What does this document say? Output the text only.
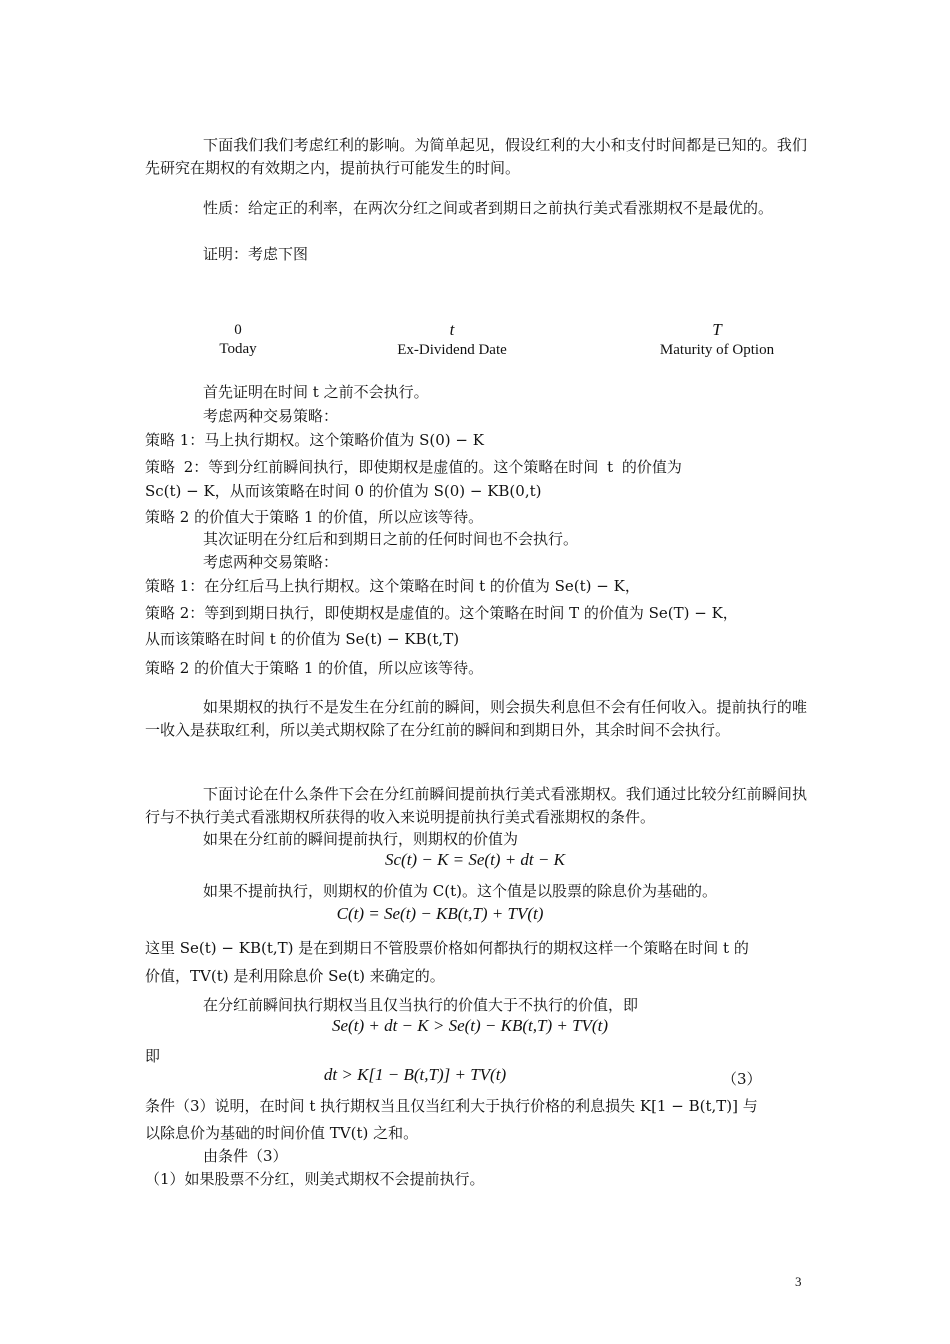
下面我们我们考虑红利的影响。为简单起见，假设红利的大小和支付时间都是已知的。我们先研究在期权的有效期之内，提前执行可能发生的时间。
性质：给定正的利率，在两次分红之间或者到期日之前执行美式看涨期权不是最优的。
证明：考虑下图
0
Today
t
Ex-Dividend Date
T
Maturity of Option
首先证明在时间 t 之前不会执行。
考虑两种交易策略：
策略 1：马上执行期权。这个策略价值为 S(0) − K
策略 2：等到分红前瞬间执行，即使期权是虚值的。这个策略在时间 t 的价值为
Sc(t) − K，从而该策略在时间 0 的价值为 S(0) − KB(0,t)
策略 2 的价值大于策略 1 的价值，所以应该等待。
其次证明在分红后和到期日之前的任何时间也不会执行。
考虑两种交易策略：
策略 1：在分红后马上执行期权。这个策略在时间 t 的价值为 Se(t) − K，
策略 2：等到到期日执行，即使期权是虚值的。这个策略在时间 T 的价值为 Se(T) − K，
从而该策略在时间 t 的价值为 Se(t) − KB(t,T)
策略 2 的价值大于策略 1 的价值，所以应该等待。
如果期权的执行不是发生在分红前的瞬间，则会损失利息但不会有任何收入。提前执行的唯一收入是获取红利，所以美式期权除了在分红前的瞬间和到期日外，其余时间不会执行。
下面讨论在什么条件下会在分红前瞬间提前执行美式看涨期权。我们通过比较分红前瞬间执行与不执行美式看涨期权所获得的收入来说明提前执行美式看涨期权的条件。
如果在分红前的瞬间提前执行，则期权的价值为
Sc(t) − K = Se(t) + dt − K
如果不提前执行，则期权的价值为 C(t)。这个值是以股票的除息价为基础的。
C(t) = Se(t) − KB(t,T) + TV(t)
这里 Se(t) − KB(t,T) 是在到期日不管股票价格如何都执行的期权这样一个策略在时间 t 的
价值，TV(t) 是利用除息价 Se(t) 来确定的。
在分红前瞬间执行期权当且仅当执行的价值大于不执行的价值，即
Se(t) + dt − K > Se(t) − KB(t,T) + TV(t)
即
dt > K[1 − B(t,T)] + TV(t)	（3）
条件（3）说明，在时间 t 执行期权当且仅当红利大于执行价格的利息损失 K[1 − B(t,T)] 与
以除息价为基础的时间价值 TV(t) 之和。
由条件（3）
（1）如果股票不分红，则美式期权不会提前执行。
3
